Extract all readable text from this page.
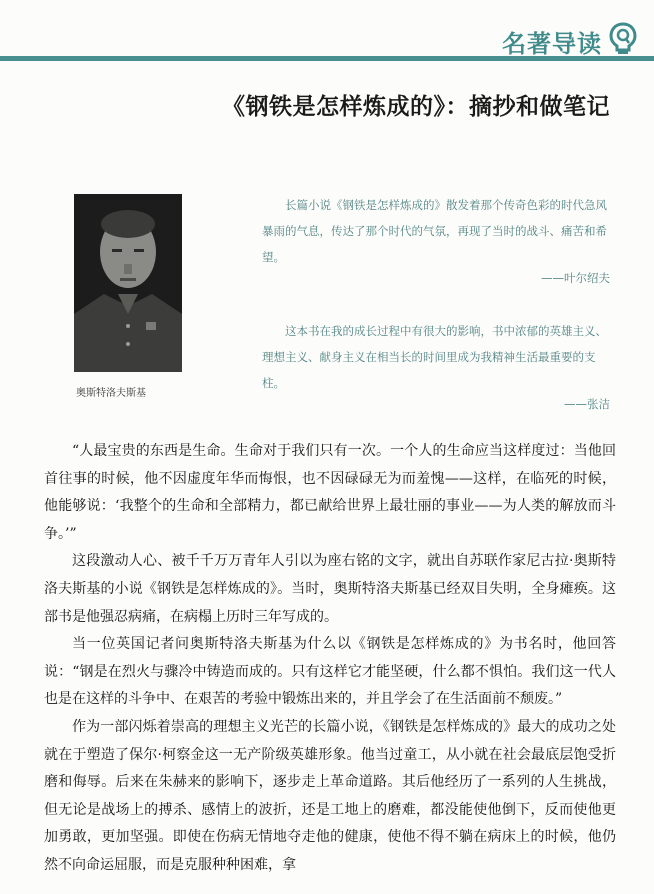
名著导读
《钢铁是怎样炼成的》：摘抄和做笔记
奥斯特洛夫斯基
长篇小说《钢铁是怎样炼成的》散发着那个传奇色彩的时代急风暴雨的气息，传达了那个时代的气氛，再现了当时的战斗、痛苦和希望。
——叶尔绍夫
这本书在我的成长过程中有很大的影响，书中浓郁的英雄主义、理想主义、献身主义在相当长的时间里成为我精神生活最重要的支柱。
——张洁

“人最宝贵的东西是生命。生命对于我们只有一次。一个人的生命应当这样度过：当他回首往事的时候，他不因虚度年华而悔恨，也不因碌碌无为而羞愧——这样，在临死的时候，他能够说：‘我整个的生命和全部精力，都已献给世界上最壮丽的事业——为人类的解放而斗争。’”

这段激动人心、被千千万万青年人引以为座右铭的文字，就出自苏联作家尼古拉·奥斯特洛夫斯基的小说《钢铁是怎样炼成的》。当时，奥斯特洛夫斯基已经双目失明，全身瘫痪。这部书是他强忍病痛，在病榻上历时三年写成的。

当一位英国记者问奥斯特洛夫斯基为什么以《钢铁是怎样炼成的》为书名时，他回答说：“钢是在烈火与骤冷中铸造而成的。只有这样它才能坚硬，什么都不惧怕。我们这一代人也是在这样的斗争中、在艰苦的考验中锻炼出来的，并且学会了在生活面前不颓废。”

作为一部闪烁着崇高的理想主义光芒的长篇小说，《钢铁是怎样炼成的》最大的成功之处就在于塑造了保尔·柯察金这一无产阶级英雄形象。他当过童工，从小就在社会最底层饱受折磨和侮辱。后来在朱赫来的影响下，逐步走上革命道路。其后他经历了一系列的人生挑战，但无论是战场上的搏杀、感情上的波折，还是工地上的磨难，都没能使他倒下，反而使他更加勇敢，更加坚强。即使在伤病无情地夺走他的健康，使他不得不躺在病床上的时候，他仍然不向命运屈服，而是克服种种困难，拿
